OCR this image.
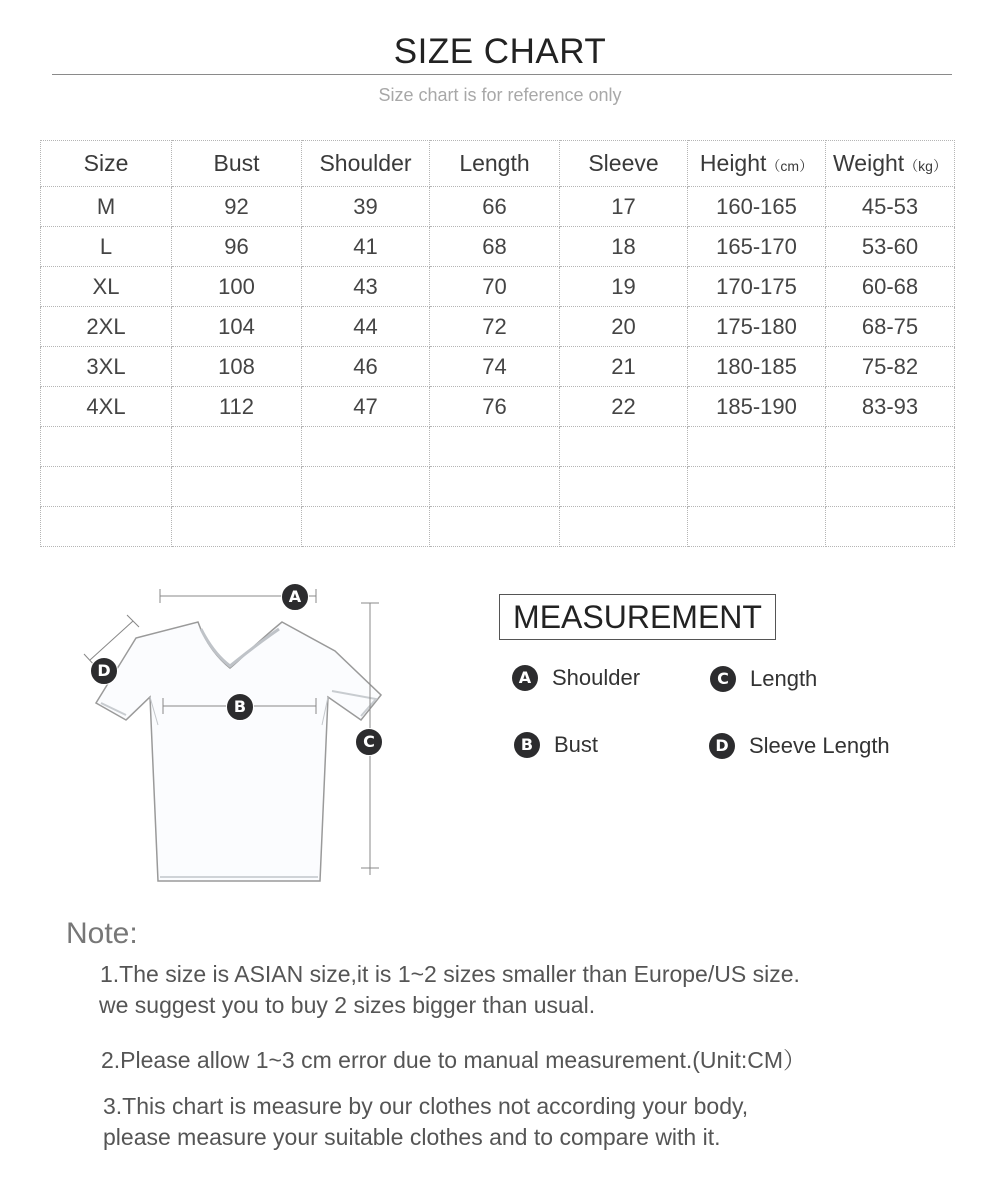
SIZE CHART
Size chart is for reference only
Size	Bust	Shoulder	Length	Sleeve	Height（cm）	Weight（kg）
M	92	39	66	17	160-165	45-53
L	96	41	68	18	165-170	53-60
XL	100	43	70	19	170-175	60-68
2XL	104	44	72	20	175-180	68-75
3XL	108	46	74	21	180-185	75-82
4XL	112	47	76	22	185-190	83-93

A
B
C
D
MEASUREMENT
A Shoulder	C Length
B Bust	D Sleeve Length
Note:
1.The size is ASIAN size,it is 1~2 sizes smaller than Europe/US size.
we suggest you to buy 2 sizes bigger than usual.
2.Please allow 1~3 cm error due to manual measurement.(Unit:CM）
3.This chart is measure by our clothes not according your body,
please measure your suitable clothes and to compare with it.
